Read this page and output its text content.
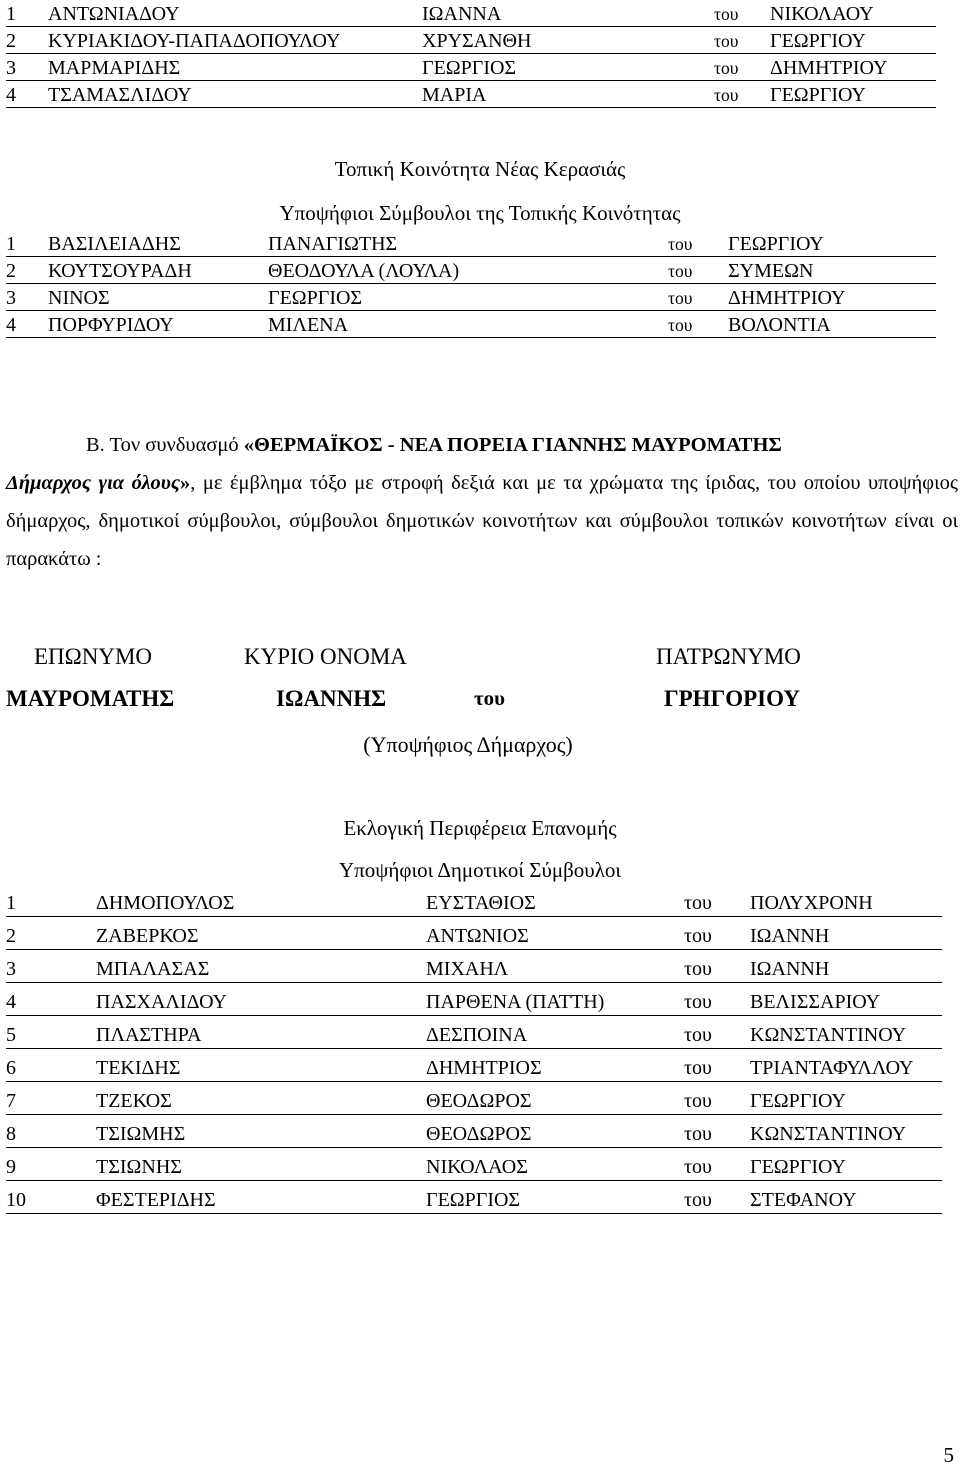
1	ΑΝΤΩΝΙΑΔΟΥ	ΙΩΑΝΝΑ	του	ΝΙΚΟΛΑΟΥ
2	ΚΥΡΙΑΚΙΔΟΥ-ΠΑΠΑΔΟΠΟΥΛΟΥ	ΧΡΥΣΑΝΘΗ	του	ΓΕΩΡΓΙΟΥ
3	ΜΑΡΜΑΡΙΔΗΣ	ΓΕΩΡΓΙΟΣ	του	ΔΗΜΗΤΡΙΟΥ
4	ΤΣΑΜΑΣΛΙΔΟΥ	ΜΑΡΙΑ	του	ΓΕΩΡΓΙΟΥ
Τοπική Κοινότητα Νέας Κερασιάς
Υποψήφιοι Σύμβουλοι της Τοπικής Κοινότητας
1	ΒΑΣΙΛΕΙΑΔΗΣ	ΠΑΝΑΓΙΩΤΗΣ	του	ΓΕΩΡΓΙΟΥ
2	ΚΟΥΤΣΟΥΡΑΔΗ	ΘΕΟΔΟΥΛΑ (ΛΟΥΛΑ)	του	ΣΥΜΕΩΝ
3	ΝΙΝΟΣ	ΓΕΩΡΓΙΟΣ	του	ΔΗΜΗΤΡΙΟΥ
4	ΠΟΡΦΥΡΙΔΟΥ	ΜΙΛΕΝΑ	του	ΒΟΛΟΝΤΙΑ

Β. Τον συνδυασμό «ΘΕΡΜΑΪΚΟΣ - ΝΕΑ ΠΟΡΕΙΑ ΓΙΑΝΝΗΣ ΜΑΥΡΟΜΑΤΗΣ
Δήμαρχος για όλους», με έμβλημα τόξο με στροφή δεξιά και με τα χρώματα της ίριδας, του οποίου υποψήφιος δήμαρχος, δημοτικοί σύμβουλοι, σύμβουλοι δημοτικών κοινοτήτων και σύμβουλοι τοπικών κοινοτήτων είναι οι παρακάτω :

ΕΠΩΝΥΜΟ	ΚΥΡΙΟ ΟΝΟΜΑ	ΠΑΤΡΩΝΥΜΟ
ΜΑΥΡΟΜΑΤΗΣ	ΙΩΑΝΝΗΣ	του	ΓΡΗΓΟΡΙΟΥ
(Υποψήφιος Δήμαρχος)
Εκλογική Περιφέρεια Επανομής
Υποψήφιοι Δημοτικοί Σύμβουλοι
1	ΔΗΜΟΠΟΥΛΟΣ	ΕΥΣΤΑΘΙΟΣ	του	ΠΟΛΥΧΡΟΝΗ
2	ΖΑΒΕΡΚΟΣ	ΑΝΤΩΝΙΟΣ	του	ΙΩΑΝΝΗ
3	ΜΠΑΛΑΣΑΣ	ΜΙΧΑΗΛ	του	ΙΩΑΝΝΗ
4	ΠΑΣΧΑΛΙΔΟΥ	ΠΑΡΘΕΝΑ (ΠΑΤΤΗ)	του	ΒΕΛΙΣΣΑΡΙΟΥ
5	ΠΛΑΣΤΗΡΑ	ΔΕΣΠΟΙΝΑ	του	ΚΩΝΣΤΑΝΤΙΝΟΥ
6	ΤΕΚΙΔΗΣ	ΔΗΜΗΤΡΙΟΣ	του	ΤΡΙΑΝΤΑΦΥΛΛΟΥ
7	ΤΖΕΚΟΣ	ΘΕΟΔΩΡΟΣ	του	ΓΕΩΡΓΙΟΥ
8	ΤΣΙΩΜΗΣ	ΘΕΟΔΩΡΟΣ	του	ΚΩΝΣΤΑΝΤΙΝΟΥ
9	ΤΣΙΩΝΗΣ	ΝΙΚΟΛΑΟΣ	του	ΓΕΩΡΓΙΟΥ
10	ΦΕΣΤΕΡΙΔΗΣ	ΓΕΩΡΓΙΟΣ	του	ΣΤΕΦΑΝΟΥ
5
